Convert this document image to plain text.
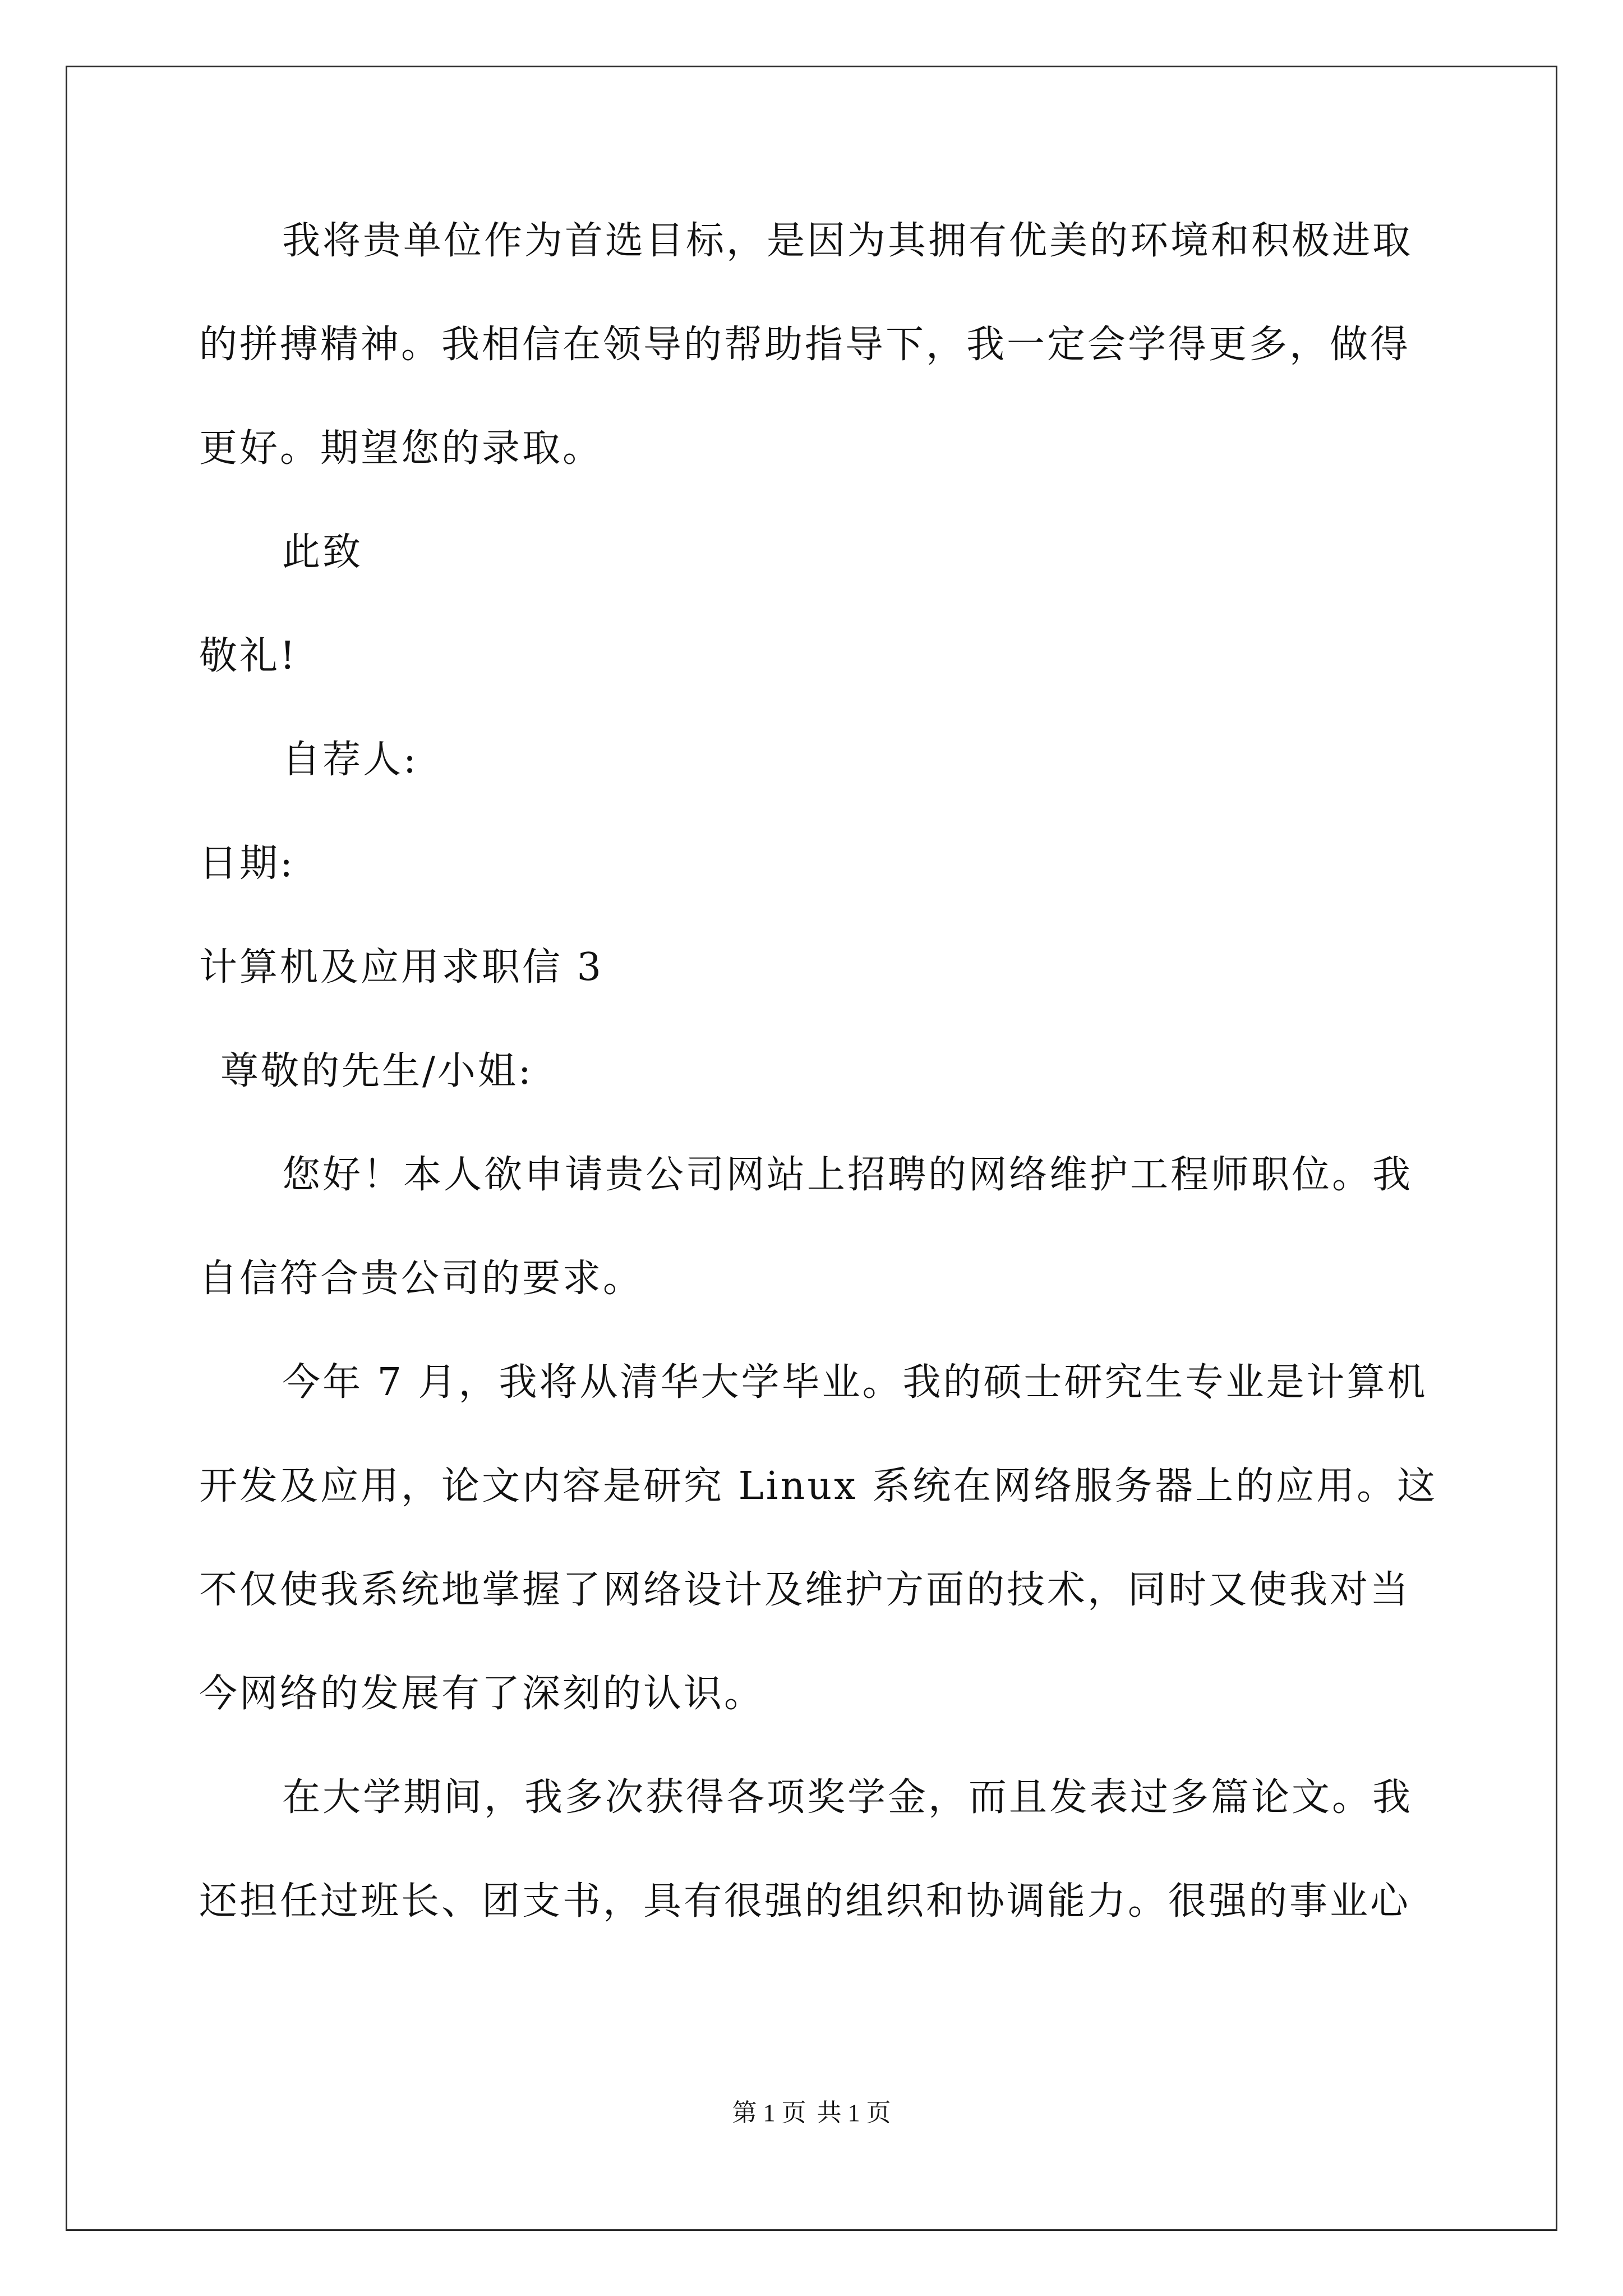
我将贵单位作为首选目标，是因为其拥有优美的环境和积极进取
的拼搏精神。我相信在领导的帮助指导下，我一定会学得更多，做得
更好。期望您的录取。
此致
敬礼!
自荐人:
日期:
计算机及应用求职信 3
尊敬的先生/小姐:
您好！本人欲申请贵公司网站上招聘的网络维护工程师职位。我
自信符合贵公司的要求。
今年 7 月，我将从清华大学毕业。我的硕士研究生专业是计算机
开发及应用，论文内容是研究 Linux 系统在网络服务器上的应用。这
不仅使我系统地掌握了网络设计及维护方面的技术，同时又使我对当
今网络的发展有了深刻的认识。
在大学期间，我多次获得各项奖学金，而且发表过多篇论文。我
还担任过班长、团支书，具有很强的组织和协调能力。很强的事业心
第 1 页 共 1 页
